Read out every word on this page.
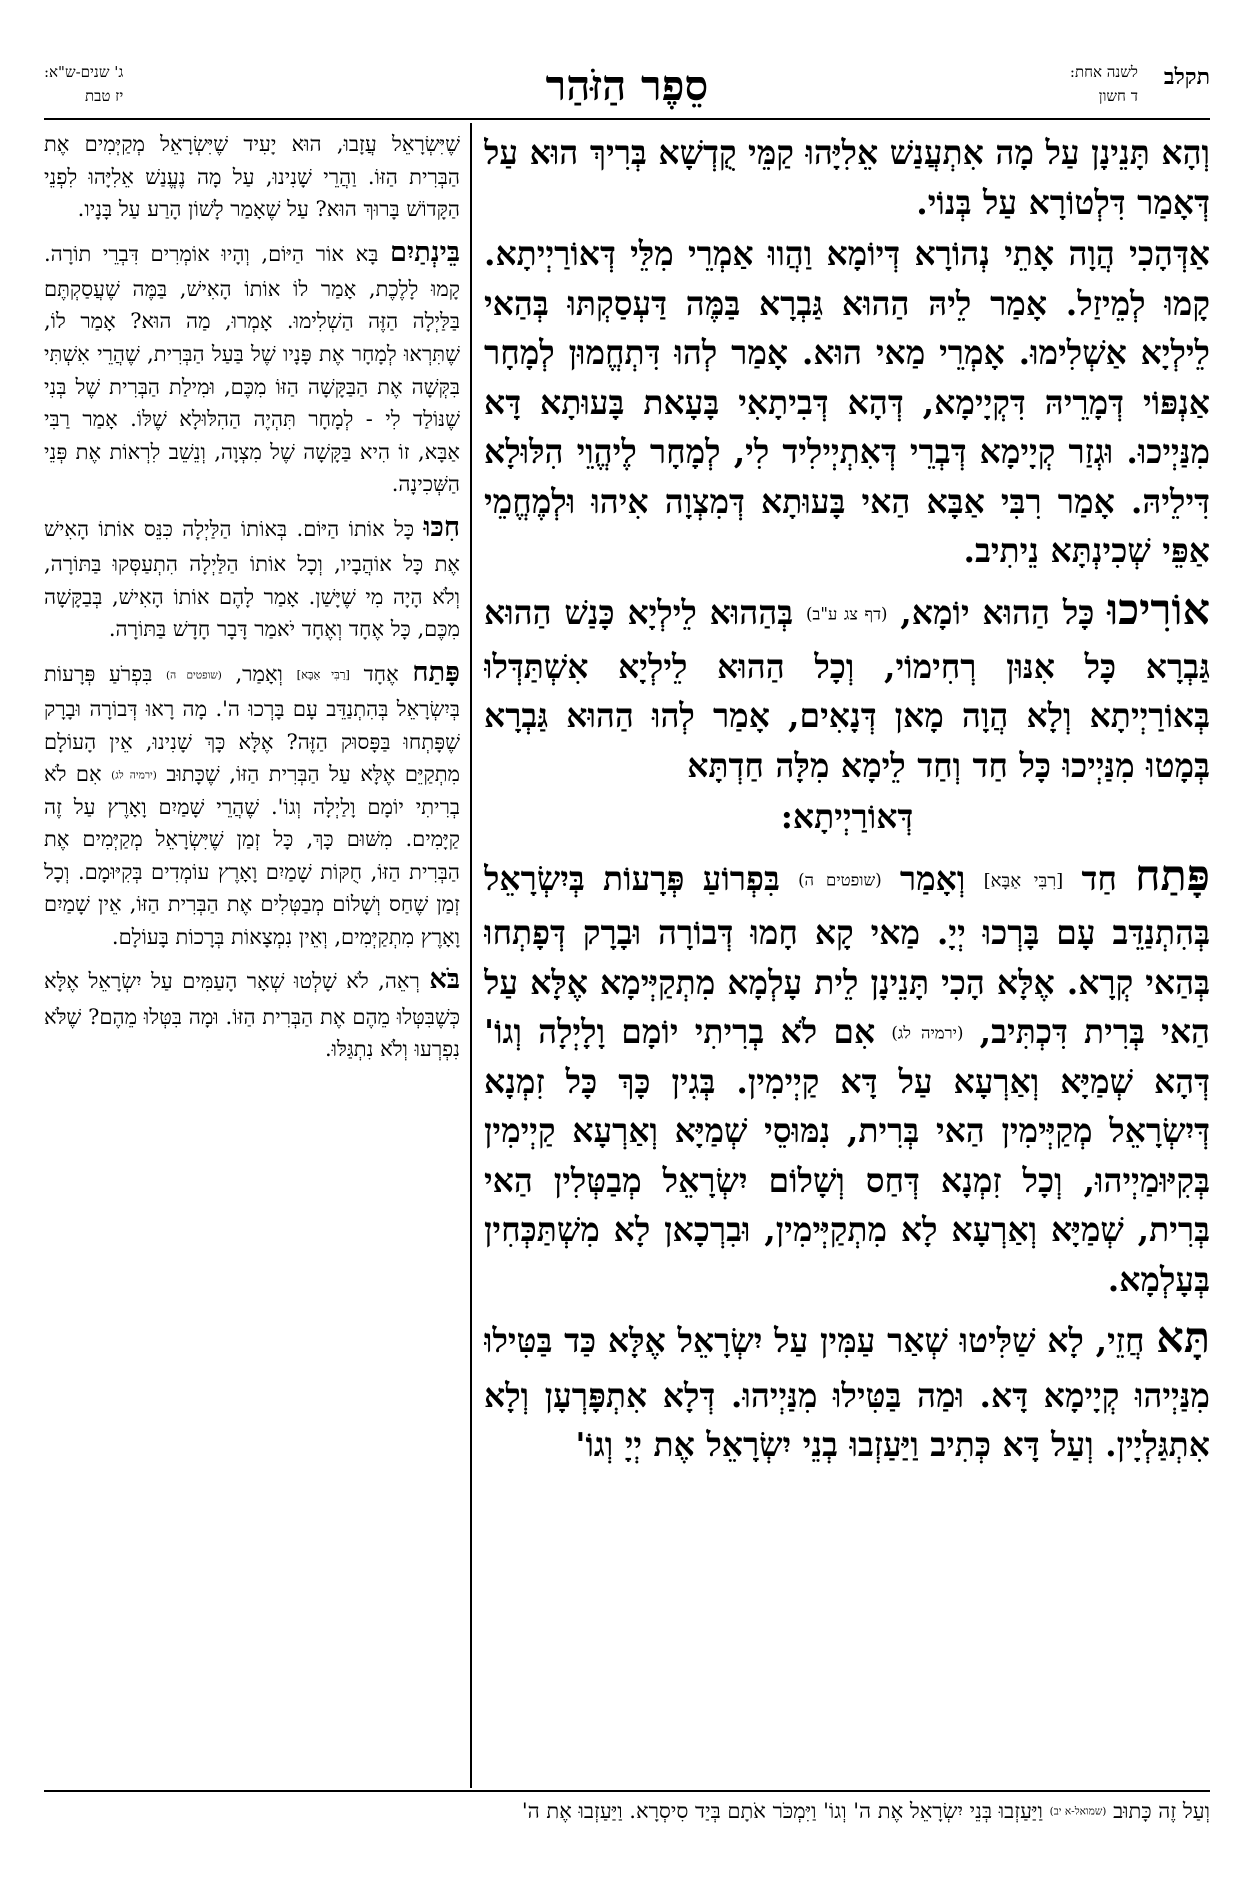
תקלב
לשנה אחת:
ד חשון
סֵפֶר הַזֹּהַר
ג' שנים-ש"א:
יז טבת

וְהָא תָּנֵינָן עַל מָה אִתְעֲנַשׁ אֵלִיָּהוּ קַמֵּי קֻדְשָׁא בְּרִיךְ הוּא עַל דְּאָמַר דִּלְטוֹרָא עַל בְּנוֹי.

אַדְּהָכִי הֲוָה אָתֵי נְהוֹרָא דְּיוֹמָא וַהֲווּ אַמְרֵי מִלֵּי דְּאוֹרַיְיתָא. קָמוּ לְמֵיזַל. אָמַר לֵיהּ הַהוּא גַּבְרָא בַּמֶּה דַּעְסַקְתּוּ בְּהַאי לֵילְיָא אַשְׁלִימוּ. אָמְרֵי מַאי הוּא. אָמַר לְהוּ דִּתְחֱמוּן לְמָחָר אַנְפּוֹי דְּמָרֵיהּ דִּקְיָימָא, דְּהָא דְּבִיתָאִי בָּעָאת בָּעוּתָא דָּא מִנַּיְיכוּ. וּגְזַר קְיָימָא דְּבְרֵי דְּאִתְיְילִיד לִי, לְמָחָר לֶיהֱוֵי הִלּוּלָא דִּילֵיהּ. אָמַר רִבִּי אַבָּא הַאי בָּעוּתָא דְּמִצְוָה אִיהוּ וּלְמֶחֱמֵי אַפֵּי שְׁכִינְתָּא נֵיתִיב.

אוֹרִיכוּ כָּל הַהוּא יוֹמָא, (דף צג ע"ב) בְּהַהוּא לֵילְיָא כָּנַשׁ הַהוּא גַּבְרָא כָּל אִנּוּן רְחִימוֹי, וְכָל הַהוּא לֵילְיָא אִשְׁתַּדְּלוּ בְּאוֹרַיְיתָא וְלָא הֲוָה מָאן דְּנָאִים, אָמַר לְהוּ הַהוּא גַּבְרָא בְּמָטוּ מִנַּיְיכוּ כָּל חַד וְחַד לֵימָא מִלָּה חַדְתָּא

דְּאוֹרַיְיתָא:

פָּתַח חַד [רִבִּי אַבָּא] וְאָמַר (שופטים ה) בִּפְרוֹעַ פְּרָעוֹת בְּיִשְׂרָאֵל בְּהִתְנַדֵּב עָם בָּרְכוּ יְיָ. מַאי קָא חָמוּ דְּבוֹרָה וּבָרָק דְּפָתְחוּ בְּהַאי קְרָא. אֶלָּא הָכִי תָּנֵינָן לֵית עָלְמָא מִתְקַיְּימָא אֶלָּא עַל הַאי בְּרִית דִּכְתִּיב, (ירמיה לג) אִם לֹא בְרִיתִי יוֹמָם וָלָיְלָה וְגוֹ' דְּהָא שְׁמַיָּא וְאַרְעָא עַל דָּא קַיְימִין. בְּגִין כָּךְ כָּל זִמְנָא דְּיִשְׂרָאֵל מְקַיְּימִין הַאי בְּרִית, נִמּוּסֵי שְׁמַיָּא וְאַרְעָא קַיְימִין בְּקִיּוּמַיְיהוּ, וְכָל זִמְנָא דְּחַס וְשָׁלוֹם יִשְׂרָאֵל מְבַטְּלִין הַאי בְּרִית, שְׁמַיָּא וְאַרְעָא לָא מִתְקַיְּימִין, וּבִרְכָאן לָא מִשְׁתַּכְּחִין בְּעָלְמָא.

תָּא חֲזֵי, לָא שַׁלִּיטוּ שְׁאַר עַמִּין עַל יִשְׂרָאֵל אֶלָּא כַּד בַּטִּילוּ מִנַּיְיהוּ קְיָימָא דָּא. וּמַה בַּטִּילוּ מִנַּיְיהוּ. דְּלָא אִתְפָּרְעָן וְלָא אִתְגַּלְיָין. וְעַל דָּא כְּתִיב וַיַּעַזְבוּ בְנֵי יִשְׂרָאֵל אֶת יְיָ וְגוֹ'

שֶׁיִּשְׂרָאֵל עֲזָבוּ, הוּא יָעִיד שֶׁיִּשְׂרָאֵל מְקַיְּמִים אֶת הַבְּרִית הַזּוֹ. וַהֲרֵי שָׁנִינוּ, עַל מָה נֶעֱנַשׁ אֵלִיָּהוּ לִפְנֵי הַקָּדוֹשׁ בָּרוּךְ הוּא? עַל שֶׁאָמַר לָשׁוֹן הָרַע עַל בָּנָיו.

בֵּינְתַיִם בָּא אוֹר הַיּוֹם, וְהָיוּ אוֹמְרִים דִּבְרֵי תוֹרָה. קָמוּ לָלֶכֶת, אָמַר לוֹ אוֹתוֹ הָאִישׁ, בַּמֶּה שֶׁעֲסַקְתֶּם בַּלַּיְלָה הַזֶּה הַשְׁלִימוּ. אָמְרוּ, מַה הוּא? אָמַר לוֹ, שֶׁתִּרְאוּ לְמָחָר אֶת פָּנָיו שֶׁל בַּעַל הַבְּרִית, שֶׁהֲרֵי אִשְׁתִּי בִּקְּשָׁה אֶת הַבַּקָּשָׁה הַזּוֹ מִכֶּם, וּמִילַת הַבְּרִית שֶׁל בְּנִי שֶׁנּוֹלַד לִי - לְמָחָר תִּהְיֶה הַהִלּוּלָא שֶׁלּוֹ. אָמַר רַבִּי אַבָּא, זוֹ הִיא בַּקָּשָׁה שֶׁל מִצְוָה, וְנֵשֵׁב לִרְאוֹת אֶת פְּנֵי הַשְּׁכִינָה.

חִכּוּ כָּל אוֹתוֹ הַיּוֹם. בְּאוֹתוֹ הַלַּיְלָה כִּנֵּס אוֹתוֹ הָאִישׁ אֶת כָּל אוֹהֲבָיו, וְכָל אוֹתוֹ הַלַּיְלָה הִתְעַסְּקוּ בַּתּוֹרָה, וְלֹא הָיָה מִי שֶׁיָּשַׁן. אָמַר לָהֶם אוֹתוֹ הָאִישׁ, בְּבַקָּשָׁה מִכֶּם, כָּל אֶחָד וְאֶחָד יֹאמַר דָּבָר חָדָשׁ בַּתּוֹרָה.

פָּתַח אֶחָד [רַבִּי אַבָּא] וְאָמַר, (שופטים ה) בִּפְרֹעַ פְּרָעוֹת בְּיִשְׂרָאֵל בְּהִתְנַדֵּב עָם בָּרְכוּ ה'. מָה רָאוּ דְּבוֹרָה וּבָרָק שֶׁפָּתְחוּ בַּפָּסוּק הַזֶּה? אֶלָּא כָּךְ שָׁנִינוּ, אֵין הָעוֹלָם מִתְקַיֵּם אֶלָּא עַל הַבְּרִית הַזּוֹ, שֶׁכָּתוּב (ירמיה לג) אִם לֹא בְרִיתִי יוֹמָם וָלַיְלָה וְגוֹ'. שֶׁהֲרֵי שָׁמַיִם וָאָרֶץ עַל זֶה קַיָּמִים. מִשּׁוּם כָּךְ, כָּל זְמַן שֶׁיִּשְׂרָאֵל מְקַיְּמִים אֶת הַבְּרִית הַזּוֹ, חֻקּוֹת שָׁמַיִם וָאָרֶץ עוֹמְדִים בְּקִיּוּמָם. וְכָל זְמַן שֶׁחַס וְשָׁלוֹם מְבַטְּלִים אֶת הַבְּרִית הַזּוֹ, אֵין שָׁמַיִם וָאָרֶץ מִתְקַיְּמִים, וְאֵין נִמְצָאוֹת בְּרָכוֹת בָּעוֹלָם.

בֹּא רְאֵה, לֹא שָׁלְטוּ שְׁאָר הָעַמִּים עַל יִשְׂרָאֵל אֶלָּא כְּשֶׁבִּטְּלוּ מֵהֶם אֶת הַבְּרִית הַזּוֹ. וּמָה בִּטְּלוּ מֵהֶם? שֶׁלֹּא נִפְרְעוּ וְלֹא נִתְגַּלּוּ.

וְעַל זֶה כָּתוּב (שמואל-א יב) וַיַּעַזְבוּ בְּנֵי יִשְׂרָאֵל אֶת ה' וְגוֹ' וַיִּמְכֹּר אֹתָם בְּיַד סִיסְרָא. וַיַּעַזְבוּ אֶת ה'
